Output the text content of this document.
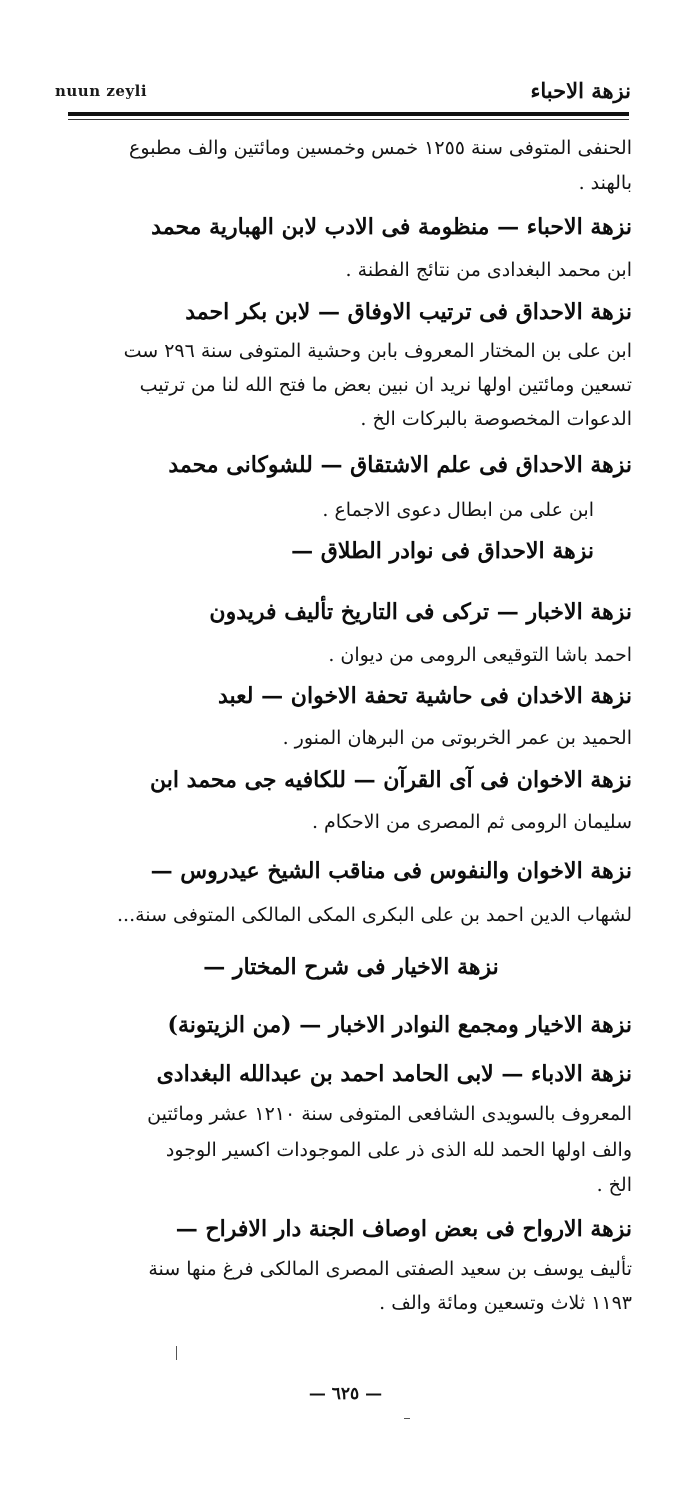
nuun zeyli	نزهة الاحباء
الحنفى المتوفى سنة ١٢٥٥ خمس وخمسين ومائتين والف مطبوع
بالهند .
نزهة الاحباء — منظومة فى الادب لابن الهبارية محمد
ابن محمد البغدادى من نتائج الفطنة .
نزهة الاحداق فى ترتيب الاوفاق — لابن بكر احمد
ابن على بن المختار المعروف بابن وحشية المتوفى سنة ٢٩٦ ست
تسعين ومائتين اولها نريد ان نبين بعض ما فتح الله لنا من ترتيب
الدعوات المخصوصة بالبركات الخ .
نزهة الاحداق فى علم الاشتقاق — للشوكانى محمد
ابن على من ابطال دعوى الاجماع .
نزهة الاحداق فى نوادر الطلاق —
نزهة الاخبار — تركى فى التاريخ تأليف فريدون
احمد باشا التوقيعى الرومى من ديوان .
نزهة الاخدان فى حاشية تحفة الاخوان — لعبد
الحميد بن عمر الخربوتى من البرهان المنور .
نزهة الاخوان فى آى القرآن — للكافيه جى محمد ابن
سليمان الرومى ثم المصرى من الاحكام .
نزهة الاخوان والنفوس فى مناقب الشيخ عيدروس —
لشهاب الدين احمد بن على البكرى المكى المالكى المتوفى سنة...
نزهة الاخيار فى شرح المختار —
نزهة الاخيار ومجمع النوادر الاخبار — (من الزيتونة)
نزهة الادباء — لابى الحامد احمد بن عبدالله البغدادى
المعروف بالسويدى الشافعى المتوفى سنة ١٢١٠ عشر ومائتين
والف اولها الحمد لله الذى ذر على الموجودات اكسير الوجود
الخ .
نزهة الارواح فى بعض اوصاف الجنة دار الافراح —
تأليف يوسف بن سعيد الصفتى المصرى المالكى فرغ منها سنة
١١٩٣ ثلاث وتسعين ومائة والف .
— ٦٢٥ —
